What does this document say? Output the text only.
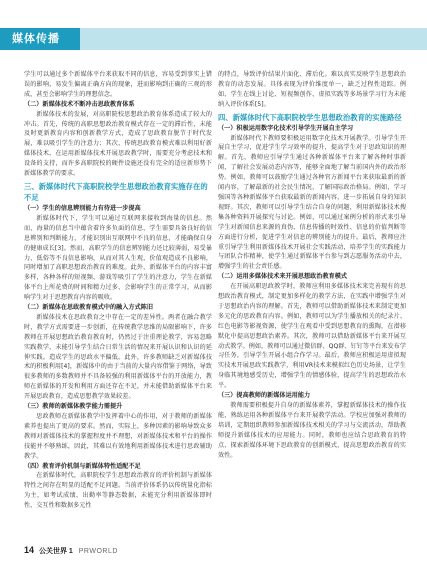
媒体传播

学生可以通过多个新媒体平台来获取不同的信息，容易受到事实上错误的影响，易发生偏离正确方向的现象，进而影响到正确的三观的形成，甚至会影响学生的理想信念。

（二）新媒体技术不断冲击思政教育体系

新媒体技术的发展，对高职院校思想政治教育体系造成了较大的冲击。首先，传统的高职思想政治教育模式存在一定的滞后性，未能及时更新教育内容和创新教学方式，造成了思政教育脱节于时代发展，难以吸引学生的注意力；其次，传统思政教育模式难以利用好新媒体技术，在运用新媒体技术开展思政教学时，需要充分考虑技术和设备的支持，而许多高职院校的硬件设施还没有完全的适应新形势下新媒体教学的要求。

三、新媒体时代下高职院校学生思想政治教育实施存在的不足

（一）学生的信息辨别能力有待进一步提高

新媒体时代下，学生可以通过互联网来接收到海量的信息。然而，海量的信息当中蕴含着许多负面的信息，学生需要具备良好的信息辨别和判断能力，才能识别出互联网中不良的信息，才能确保自身的健康成长[3]。然而，高职学生的信息辨别能力还比较薄弱，易受暴力、低俗等不良信息影响，从而对其人生观、价值观造成不良影响，同时增加了高职思想政治教育的难度。此外，新媒体平台的内容丰富多样，各种各样的短视频、游戏等吸引了学生的注意力，学生在新媒体平台上所花费的时间和精力过多，会影响学生的正常学习，从而影响学生对于思想教育内容的吸收。

（二）新媒体在思政教育模式中的融入方式陈旧

新媒体技术在思政教育之中存在一定的差异性。两者在融合教学时，教学方式需要进一步创新，在传统教学思维的局限影响下，许多教师在开展思想政治教育教育时，仍然过于注重理论教学，容易忽略实践教学，未能引导学生结合日常生活的情况来开展认识和认识的延伸实践。造成学生的思政水平偏低。此外，许多教师缺乏对新媒体技术的积极利用[4]，新媒体中的由于当前的大量内容借鉴于网络，导致很多教师的多数教师并不具备较强的利用新媒体平台的开放能力，教师在新媒体的开发和利用方面还存在不足，并未能借助新媒体平台来开展思政教育，造成思想教学效果较差。

（三）教师的新媒体教学能力需提升

思政教师在新媒体教学中发挥着中心的作用，对于教师的新媒体素养也提出了更高的要求。然而，实际上，多种因素的影响导致众多教师对新媒体技术的掌握程度并不理想，对新媒体技术和平台的操作技能并不够熟练，因此，其难以有效地利用新媒体技术进行思政辅助教学。

（四）教育评价机制与新媒体特性适配不足

在新媒体时代，高职院校学生思想政治教育的评价机制与新媒体特性之间存在明显的适配不足问题。当前评价体系仍以传统量化指标为主，如考试成绩、出勤率等静态数据，未能充分利用新媒体即时性、交互性和数据多元性

的特点，导致评价结果片面化、滞后化。难以真实反映学生思想政治教育的动态发展。具体表现为评价维度单一，缺乏过程性追踪。例如，学生在线上讨论、短视频创作、虚拟实践等多场景学习行为未能纳入评价体系[5]。

四、新媒体时代下高职院校学生思想政治教育的实施路径

（一）积极运用数字化技术引导学生开展自主学习

新媒体时代下教师要积极运用数字化技术开展教学。引导学生开展自主学习，促进学生学习效率的提升，提高学生对于思政知识的理解。首先，教师应引导学生通过各种新媒体平台来了解各种时事新闻，了解社会发展动态内容等，能够全面地了解当前国内外的政治形势。例如，教师可以鼓励学生通过各种官方新闻平台来获取最新的新闻内容，了解最新的社会民生情况，了解国际政治格局。例如，学习强国等各种新媒体平台获取最新的新闻内容，进一步拓展自身的知识视野。其次，教师可以引导学生结合自身的问题，利用新媒体技术搜集各种资料开展探究与讨论。例如，可以通过案例分析的形式来引导学生对新闻信息来源的真伪、信息传播的时效性、信息的价值判断等方面进行分析，促进学生对信息的辨别能力的提升。最后，教师应注重引导学生利用新媒体技术开展社会实践活动，培养学生的实践能力与团队合作精神，使学生通过新媒体平台参与到志愿服务活动中去，增强学生的社会责任感。

（二）运用多媒体技术来开展思想政治教育模式

在开展高职思政教学时，教师应利用多媒体技术来完善现有的思想政治教育模式，制定更加多样化的教学方法，在实践中增强学生对于思想政治内容的理解。首先，教师可以借助新媒体技术来制定更加多元化的思政教育内容。例如，教师可以为学生播放相关的纪录片、红色电影等影视资源，使学生在观看中受到思想教育的熏陶，在潜移默化中提高思想政治素养。其次，教师可以借助新媒体平台来开展互动式教学。例如，教师可以通过微信群、QQ群、钉钉等平台来发布学习任务，引导学生开展小组合作学习。最后，教师应积极运用虚拟现实技术开展思政实践教学，利用VR技术来模拟红色历史场景，让学生身临其境地感受历史，增强学生的情感体验，提高学生的思想政治水平。

（三）提高教师的新媒体运用能力

教师需要积极提升自身的新媒体素养，掌握新媒体技术的操作技能，熟练运用各种新媒体平台来开展教学活动。学校应加强对教师的培训，定期组织教师参加新媒体技术相关的学习与交流活动，帮助教师提升新媒体技术的应用能力。同时，教师也应结合思政教育的特点，探索新媒体环境下思政教育的创新模式，提高思想政治教育的实效性。

14 公关世界 1 PRWORLD
